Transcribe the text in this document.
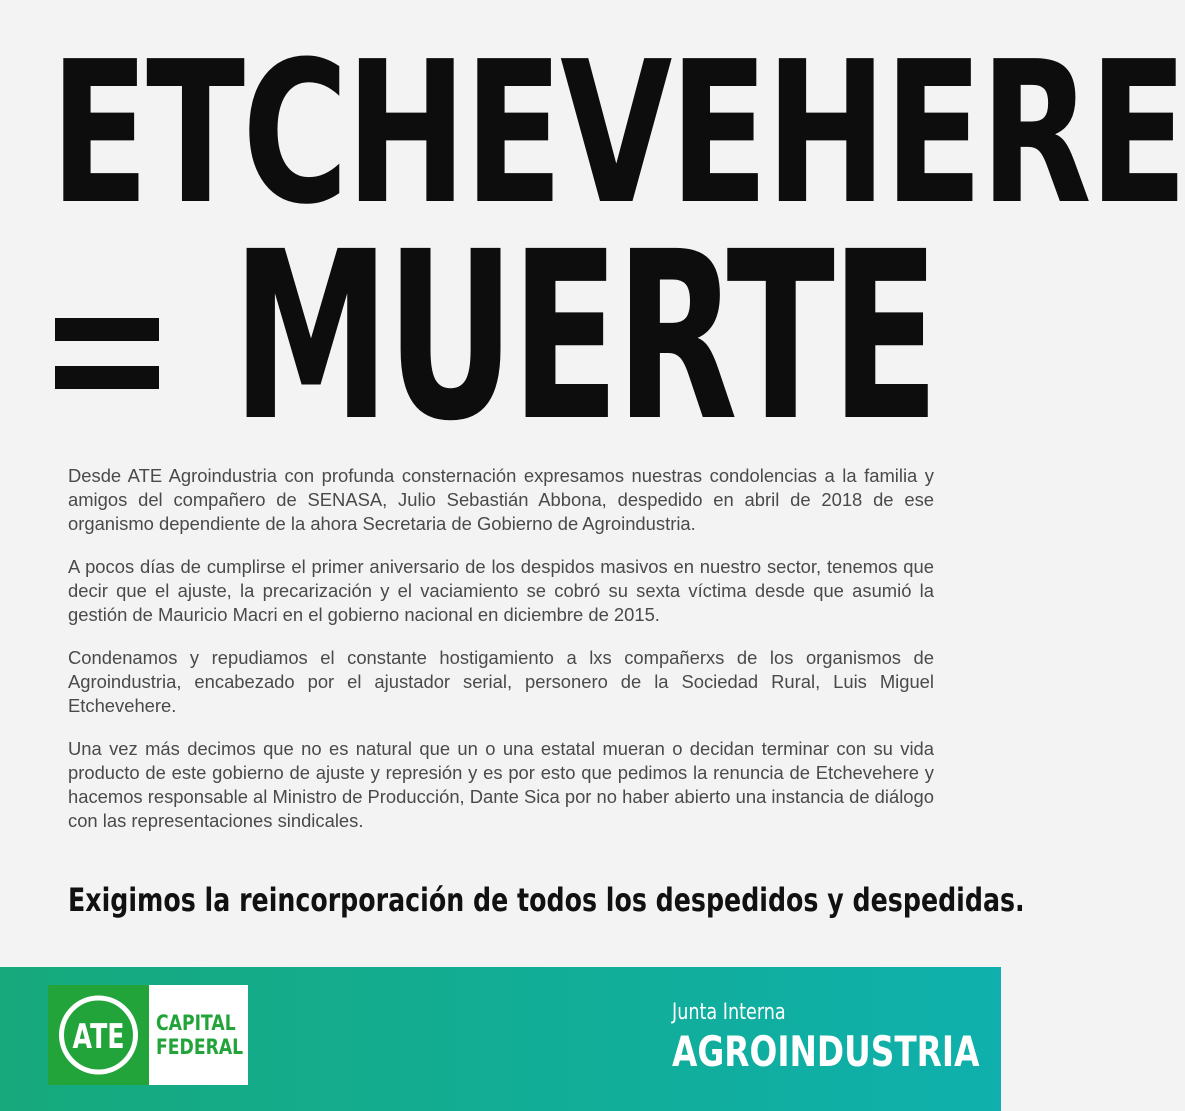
ETCHEVEHERE
MUERTE

Desde ATE Agroindustria con profunda consternación expresamos nuestras condolencias a la familia y amigos del compañero de SENASA, Julio Sebastián Abbona, despedido en abril de 2018 de ese organismo dependiente de la ahora Secretaria de Gobierno de Agroindustria.

A pocos días de cumplirse el primer aniversario de los despidos masivos en nuestro sector, tenemos que decir que el ajuste, la precarización y el vaciamiento se cobró su sexta víctima desde que asumió la gestión de Mauricio Macri en el gobierno nacional en diciembre de 2015.

Condenamos y repudiamos el constante hostigamiento a lxs compañerxs de los organismos de Agroindustria, encabezado por el ajustador serial, personero de la Sociedad Rural, Luis Miguel Etchevehere.

Una vez más decimos que no es natural que un o una estatal mueran o decidan terminar con su vida producto de este gobierno de ajuste y represión y es por esto que pedimos la renuncia de Etchevehere y hacemos responsable al Ministro de Producción, Dante Sica por no haber abierto una instancia de diálogo con las representaciones sindicales.

Exigimos la reincorporación de todos los despedidos y despedidas.

ATE CAPITAL
FEDERAL
Junta Interna
AGROINDUSTRIA
